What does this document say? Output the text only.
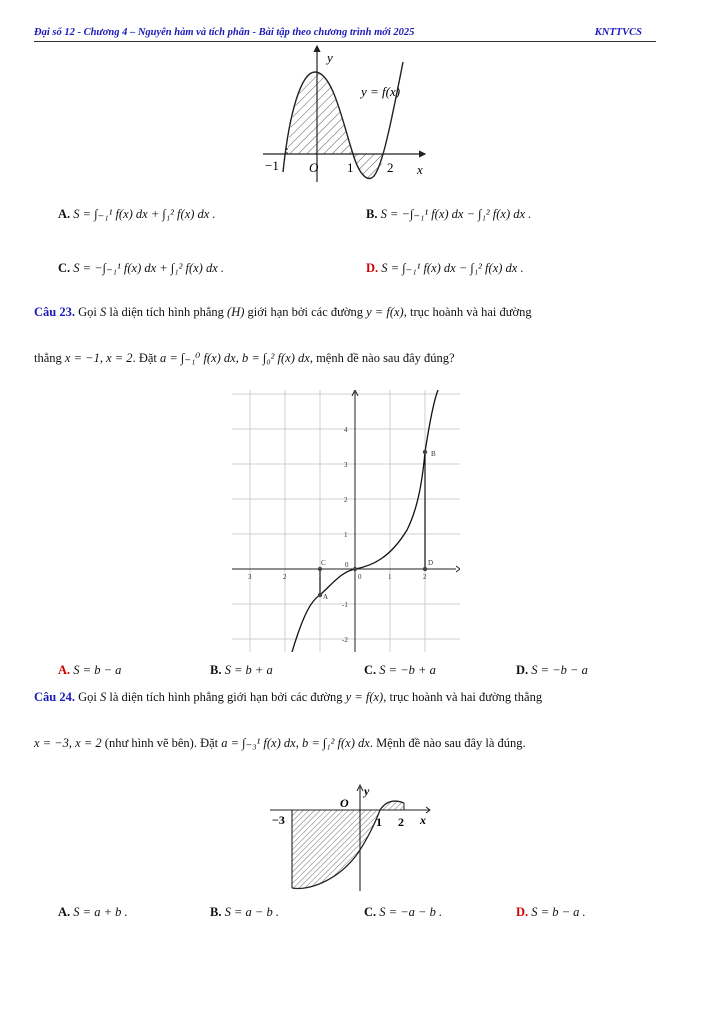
Đại số 12 - Chương 4 – Nguyên hàm và tích phân - Bài tập theo chương trình mới 2025	KNTTVCS
y
x
y = f(x)
−1 O 1	2
A. S = ∫₋₁¹ f(x) dx + ∫₁² f(x) dx .	B. S = −∫₋₁¹ f(x) dx − ∫₁² f(x) dx .
C. S = −∫₋₁¹ f(x) dx + ∫₁² f(x) dx .	D. S = ∫₋₁¹ f(x) dx − ∫₁² f(x) dx .
Câu 23. Gọi S là diện tích hình phẳng (H) giới hạn bởi các đường y = f(x), trục hoành và hai đường
thẳng x = −1, x = 2. Đặt a = ∫₋₁⁰ f(x) dx, b = ∫₀² f(x) dx, mệnh đề nào sau đây đúng?
4
3
2
1
-1
-2
3	2	1	0	1	2
B
C	0	D
A
A. S = b − a	B. S = b + a	C. S = −b + a	D. S = −b − a
Câu 24. Gọi S là diện tích hình phẳng giới hạn bởi các đường y = f(x), trục hoành và hai đường thẳng
x = −3, x = 2 (như hình vẽ bên). Đặt a = ∫₋₃¹ f(x) dx, b = ∫₁² f(x) dx. Mệnh đề nào sau đây là đúng.
O
y
x
−3	1 2
A. S = a + b .	B. S = a − b .	C. S = −a − b .	D. S = b − a .
